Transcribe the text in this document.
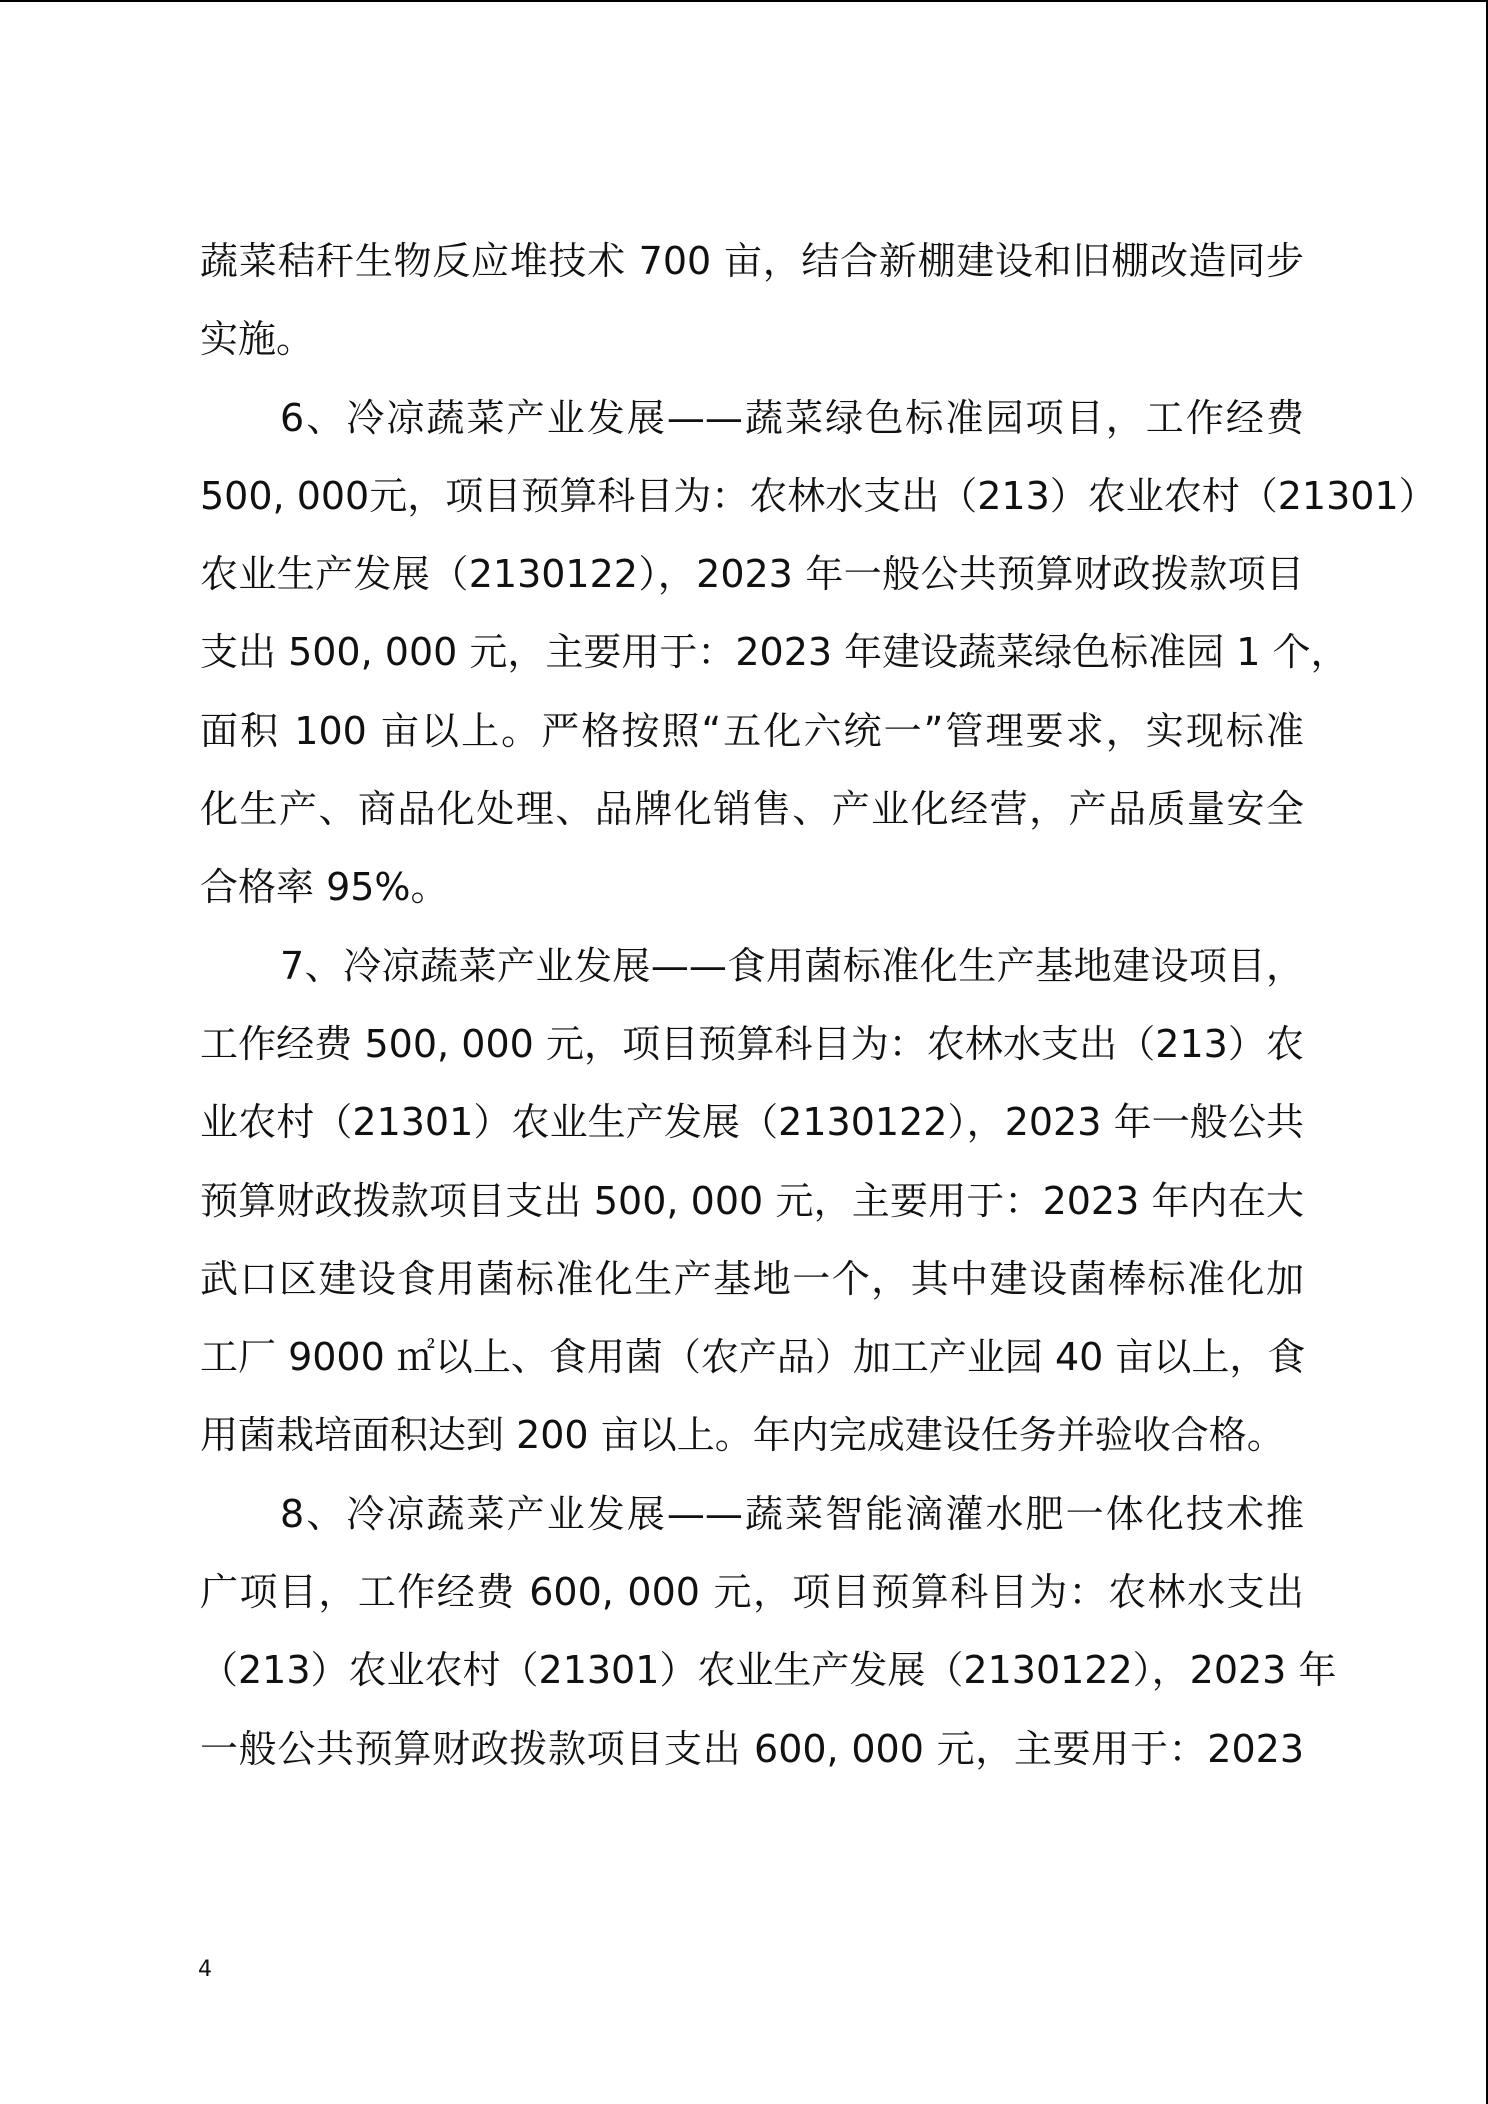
蔬菜秸秆生物反应堆技术 700 亩，结合新棚建设和旧棚改造同步
实施。
6、冷凉蔬菜产业发展——蔬菜绿色标准园项目，工作经费
500, 000元，项目预算科目为：农林水支出（213）农业农村（21301）
农业生产发展（2130122），2023 年一般公共预算财政拨款项目
支出 500, 000 元，主要用于：2023 年建设蔬菜绿色标准园 1 个，
面积 100 亩以上。严格按照“五化六统一”管理要求，实现标准
化生产、商品化处理、品牌化销售、产业化经营，产品质量安全
合格率 95%。
7、冷凉蔬菜产业发展——食用菌标准化生产基地建设项目，
工作经费 500, 000 元，项目预算科目为：农林水支出（213）农
业农村（21301）农业生产发展（2130122），2023 年一般公共
预算财政拨款项目支出 500, 000 元，主要用于：2023 年内在大
武口区建设食用菌标准化生产基地一个，其中建设菌棒标准化加
工厂 9000 ㎡以上、食用菌（农产品）加工产业园 40 亩以上，食
用菌栽培面积达到 200 亩以上。年内完成建设任务并验收合格。
8、冷凉蔬菜产业发展——蔬菜智能滴灌水肥一体化技术推
广项目，工作经费 600, 000 元，项目预算科目为：农林水支出
（213）农业农村（21301）农业生产发展（2130122），2023 年
一般公共预算财政拨款项目支出 600, 000 元，主要用于：2023
4
